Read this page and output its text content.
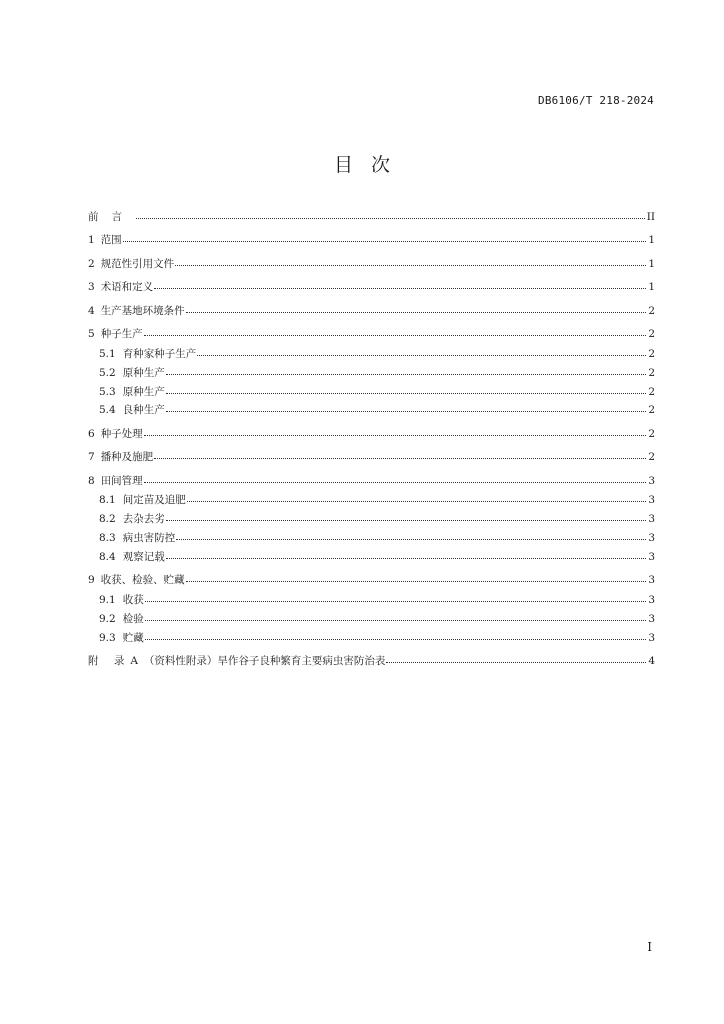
DB6106/T 218-2024
目 次
前言	II
1 范围	1
2 规范性引用文件	1
3 术语和定义	1
4 生产基地环境条件	2
5 种子生产	2
5.1 育种家种子生产	2
5.2 原种生产	2
5.3 原种生产	2
5.4 良种生产	2
6 种子处理	2
7 播种及施肥	2
8 田间管理	3
8.1 间定苗及追肥	3
8.2 去杂去劣	3
8.3 病虫害防控	3
8.4 观察记载	3
9 收获、检验、贮藏	3
9.1 收获	3
9.2 检验	3
9.3 贮藏	3
附 录A （资料性附录）旱作谷子良种繁育主要病虫害防治表	4
I
